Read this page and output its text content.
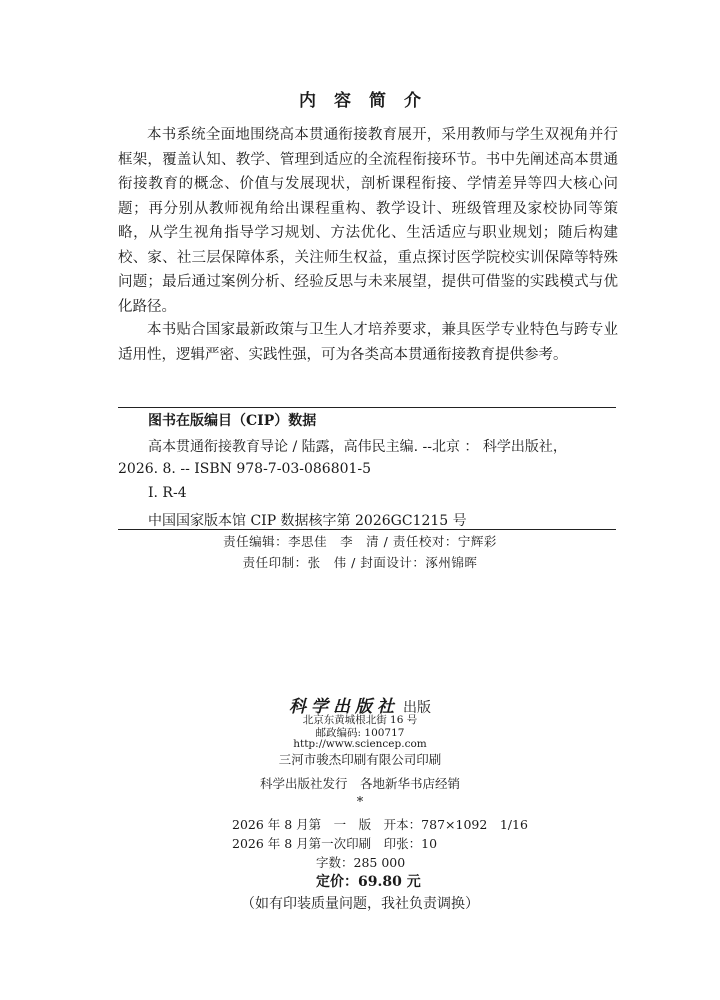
内容简介

本书系统全面地围绕高本贯通衔接教育展开，采用教师与学生双视角并行框架，覆盖认知、教学、管理到适应的全流程衔接环节。书中先阐述高本贯通衔接教育的概念、价值与发展现状，剖析课程衔接、学情差异等四大核心问题；再分别从教师视角给出课程重构、教学设计、班级管理及家校协同等策略，从学生视角指导学习规划、方法优化、生活适应与职业规划；随后构建校、家、社三层保障体系，关注师生权益，重点探讨医学院校实训保障等特殊问题；最后通过案例分析、经验反思与未来展望，提供可借鉴的实践模式与优化路径。

本书贴合国家最新政策与卫生人才培养要求，兼具医学专业特色与跨专业适用性，逻辑严密、实践性强，可为各类高本贯通衔接教育提供参考。

图书在版编目（CIP）数据
高本贯通衔接教育导论 / 陆露，高伟民主编. --北京 ： 科学出版社，
2026. 8. -- ISBN 978-7-03-086801-5
Ⅰ. R-4
中国国家版本馆 CIP 数据核字第 2026GC1215 号
责任编辑：李思佳　李　清 / 责任校对：宁辉彩
责任印制：张　伟 / 封面设计：涿州锦晖
科学出版社 出版
北京东黄城根北街 16 号
邮政编码: 100717
http://www.sciencep.com
三河市骏杰印刷有限公司印刷
科学出版社发行　各地新华书店经销
*
2026 年 8 月第　一　版　开本：787×1092　1/16
2026 年 8 月第一次印刷　印张：10
字数：285 000
定价：69.80 元
（如有印装质量问题，我社负责调换）
